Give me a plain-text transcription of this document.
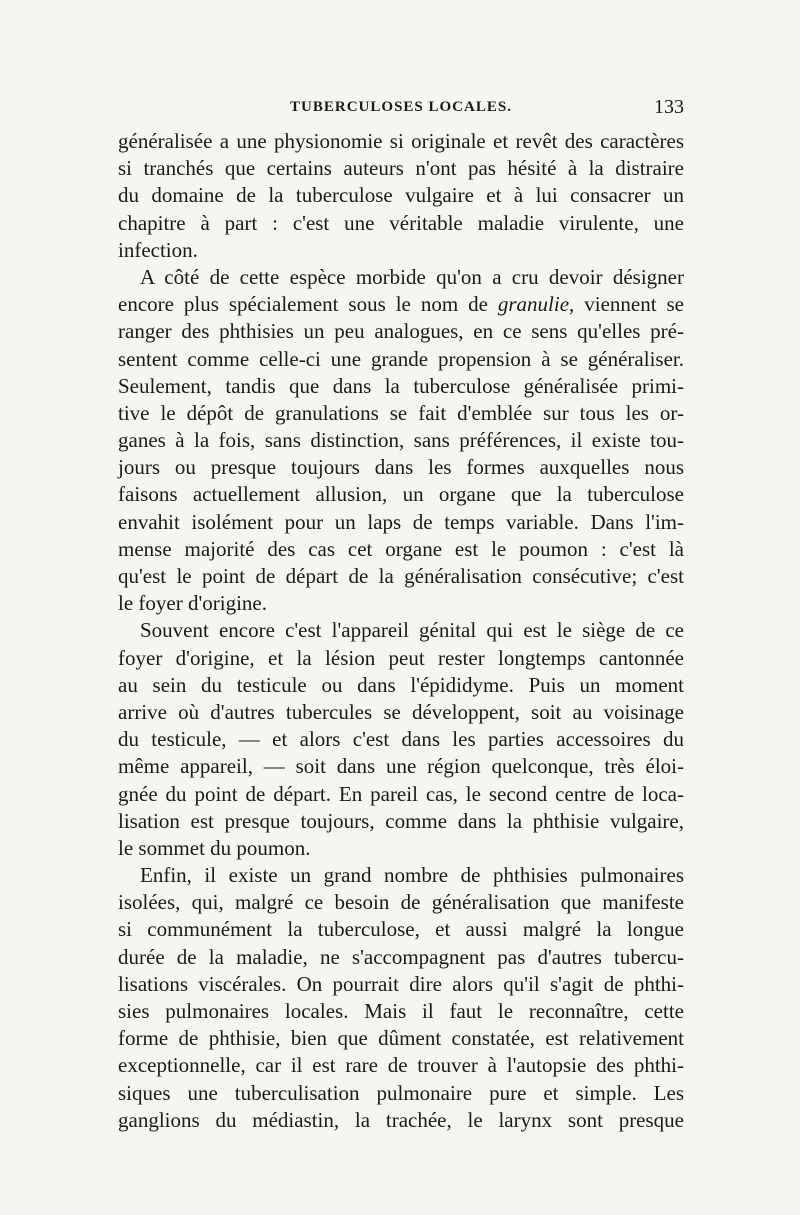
TUBERCULOSES LOCALES.	133

généralisée a une physionomie si originale et revêt des caractères
si tranchés que certains auteurs n'ont pas hésité à la distraire
du domaine de la tuberculose vulgaire et à lui consacrer un
chapitre à part : c'est une véritable maladie virulente, une
infection.

A côté de cette espèce morbide qu'on a cru devoir désigner
encore plus spécialement sous le nom de granulie, viennent se
ranger des phthisies un peu analogues, en ce sens qu'elles pré-
sentent comme celle-ci une grande propension à se généraliser.
Seulement, tandis que dans la tuberculose généralisée primi-
tive le dépôt de granulations se fait d'emblée sur tous les or-
ganes à la fois, sans distinction, sans préférences, il existe tou-
jours ou presque toujours dans les formes auxquelles nous
faisons actuellement allusion, un organe que la tuberculose
envahit isolément pour un laps de temps variable. Dans l'im-
mense majorité des cas cet organe est le poumon : c'est là
qu'est le point de départ de la généralisation consécutive; c'est
le foyer d'origine.

Souvent encore c'est l'appareil génital qui est le siège de ce
foyer d'origine, et la lésion peut rester longtemps cantonnée
au sein du testicule ou dans l'épididyme. Puis un moment
arrive où d'autres tubercules se développent, soit au voisinage
du testicule, — et alors c'est dans les parties accessoires du
même appareil, — soit dans une région quelconque, très éloi-
gnée du point de départ. En pareil cas, le second centre de loca-
lisation est presque toujours, comme dans la phthisie vulgaire,
le sommet du poumon.

Enfin, il existe un grand nombre de phthisies pulmonaires
isolées, qui, malgré ce besoin de généralisation que manifeste
si communément la tuberculose, et aussi malgré la longue
durée de la maladie, ne s'accompagnent pas d'autres tubercu-
lisations viscérales. On pourrait dire alors qu'il s'agit de phthi-
sies pulmonaires locales. Mais il faut le reconnaître, cette
forme de phthisie, bien que dûment constatée, est relativement
exceptionnelle, car il est rare de trouver à l'autopsie des phthi-
siques une tuberculisation pulmonaire pure et simple. Les
ganglions du médiastin, la trachée, le larynx sont presque
